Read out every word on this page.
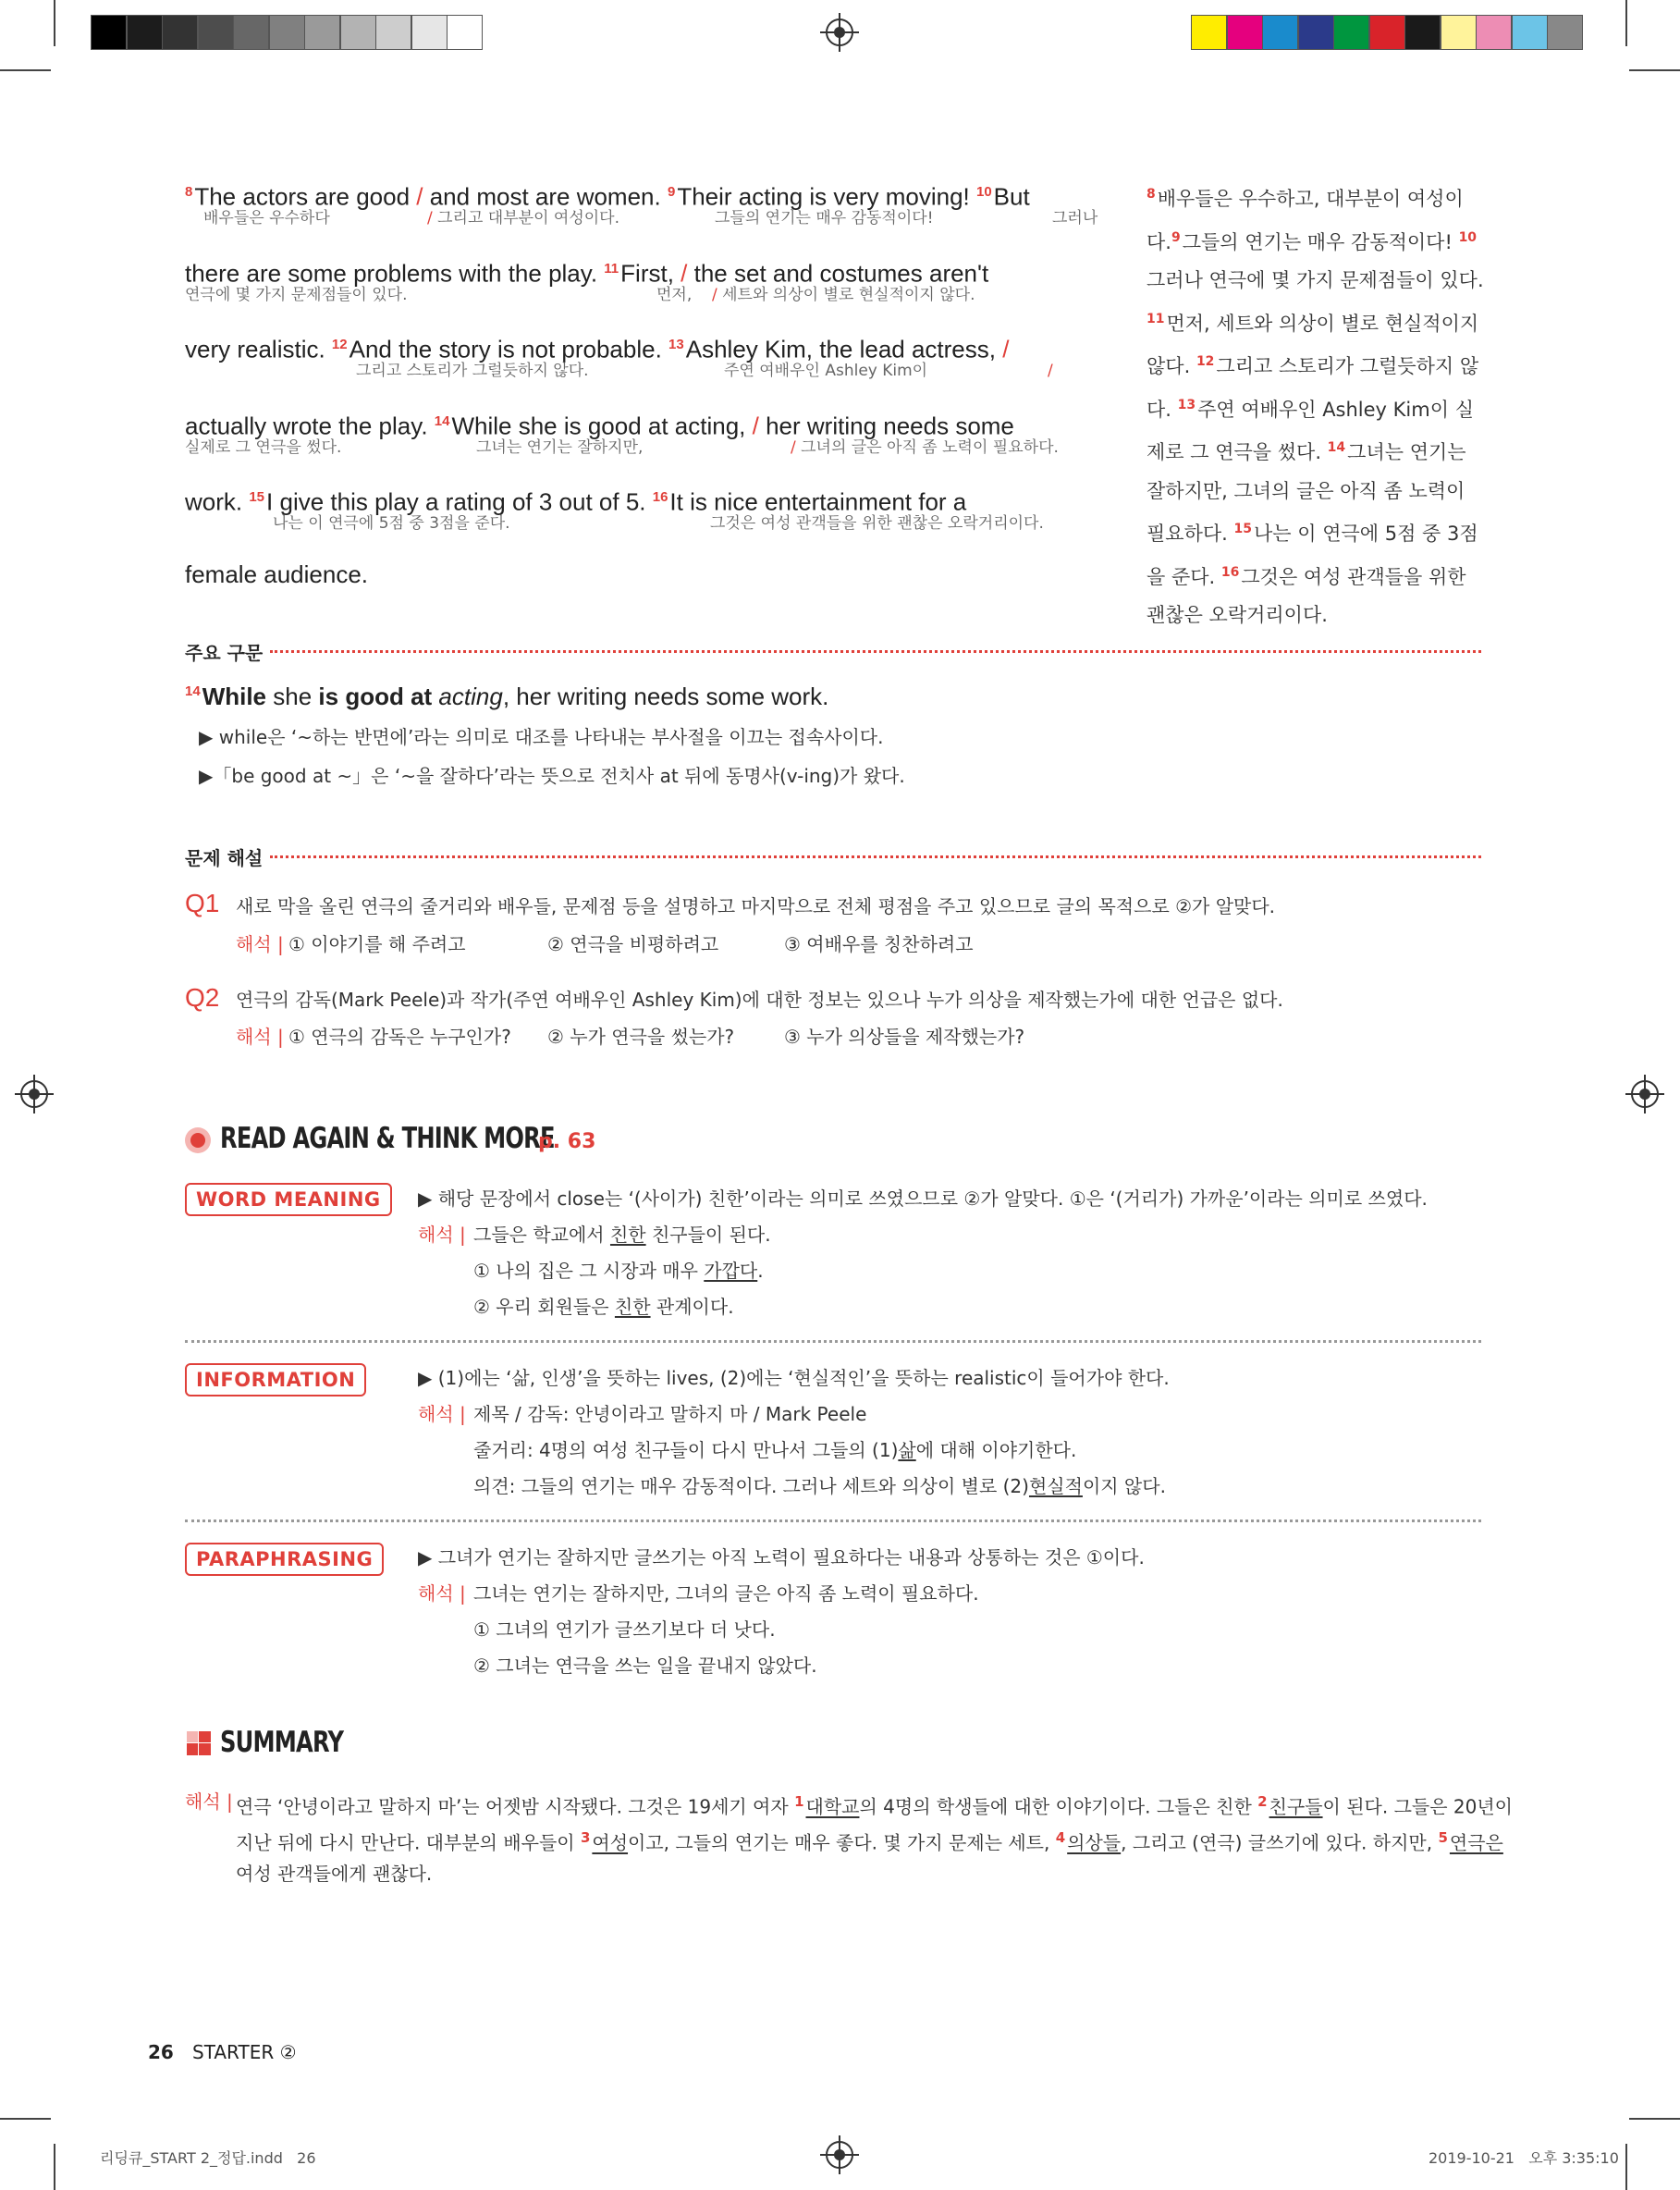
$^8$The actors are good / and most are women. $^9$Their acting is very moving! $^{10}$But
배우들은 우수하다	/ 그리고 대부분이 여성이다.	그들의 연기는 매우 감동적이다!	그러나
there are some problems with the play. $^{11}$First, / the set and costumes aren't
연극에 몇 가지 문제점들이 있다.	먼저, / 세트와 의상이 별로 현실적이지 않다.
very realistic. $^{12}$And the story is not probable. $^{13}$Ashley Kim, the lead actress, /
그리고 스토리가 그럴듯하지 않다.	주연 여배우인 Ashley Kim이	/
actually wrote the play. $^{14}$While she is good at acting, / her writing needs some
실제로 그 연극을 썼다.	그녀는 연기는 잘하지만,	/ 그녀의 글은 아직 좀 노력이 필요하다.
work. $^{15}$I give this play a rating of 3 out of 5. $^{16}$It is nice entertainment for a
나는 이 연극에 5점 중 3점을 준다.	그것은 여성 관객들을 위한 괜찮은 오락거리이다.
female audience.
$^8$배우들은 우수하고, 대부분이 여성이다.$^9$그들의 연기는 매우 감동적이다! $^{10}$그러나 연극에 몇 가지 문제점들이 있다. $^{11}$먼저, 세트와 의상이 별로 현실적이지 않다. $^{12}$그리고 스토리가 그럴듯하지 않다. $^{13}$주연 여배우인 Ashley Kim이 실제로 그 연극을 썼다. $^{14}$그녀는 연기는 잘하지만, 그녀의 글은 아직 좀 노력이 필요하다. $^{15}$나는 이 연극에 5점 중 3점을 준다. $^{16}$그것은 여성 관객들을 위한 괜찮은 오락거리이다.
주요 구문
$^{14}$While she is good at acting, her writing needs some work.
▶ while은 ‘~하는 반면에’라는 의미로 대조를 나타내는 부사절을 이끄는 접속사이다.
▶「be good at ~」은 ‘~을 잘하다’라는 뜻으로 전치사 at 뒤에 동명사(v-ing)가 왔다.
문제 해설
Q1 새로 막을 올린 연극의 줄거리와 배우들, 문제점 등을 설명하고 마지막으로 전체 평점을 주고 있으므로 글의 목적으로 ②가 알맞다.
해석 | ① 이야기를 해 주려고	② 연극을 비평하려고	③ 여배우를 칭찬하려고
Q2 연극의 감독(Mark Peele)과 작가(주연 여배우인 Ashley Kim)에 대한 정보는 있으나 누가 의상을 제작했는가에 대한 언급은 없다.
해석 | ① 연극의 감독은 누구인가? ② 누가 연극을 썼는가?	③ 누가 의상들을 제작했는가?
READ AGAIN & THINK MORE
p. 63
WORD MEANING	▶ 해당 문장에서 close는 ‘(사이가) 친한’이라는 의미로 쓰였으므로 ②가 알맞다. ①은 ‘(거리가) 가까운’이라는 의미로 쓰였다.
해석 | 그들은 학교에서 친한 친구들이 된다.
① 나의 집은 그 시장과 매우 가깝다.
② 우리 회원들은 친한 관계이다.
INFORMATION	▶ (1)에는 ‘삶, 인생’을 뜻하는 lives, (2)에는 ‘현실적인’을 뜻하는 realistic이 들어가야 한다.
해석 | 제목 / 감독: 안녕이라고 말하지 마 / Mark Peele
줄거리: 4명의 여성 친구들이 다시 만나서 그들의 (1)삶에 대해 이야기한다.
의견: 그들의 연기는 매우 감동적이다. 그러나 세트와 의상이 별로 (2)현실적이지 않다.
PARAPHRASING	▶ 그녀가 연기는 잘하지만 글쓰기는 아직 노력이 필요하다는 내용과 상통하는 것은 ①이다.
해석 | 그녀는 연기는 잘하지만, 그녀의 글은 아직 좀 노력이 필요하다.
① 그녀의 연기가 글쓰기보다 더 낫다.
② 그녀는 연극을 쓰는 일을 끝내지 않았다.
SUMMARY
해석 | 연극 ‘안녕이라고 말하지 마’는 어젯밤 시작됐다. 그것은 19세기 여자 $^1$ 대학교의 4명의 학생들에 대한 이야기이다. 그들은 친한 $^2$ 친구들이 된다. 그들은 20년이
지난 뒤에 다시 만난다. 대부분의 배우들이 $^3$ 여성이고, 그들의 연기는 매우 좋다. 몇 가지 문제는 세트, $^4$ 의상들, 그리고 (연극) 글쓰기에 있다. 하지만, $^5$ 연극은
여성 관객들에게 괜찮다.
26 STARTER ②
리딩큐_START 2_정답.indd   26	2019-10-21   오후 3:35:10
